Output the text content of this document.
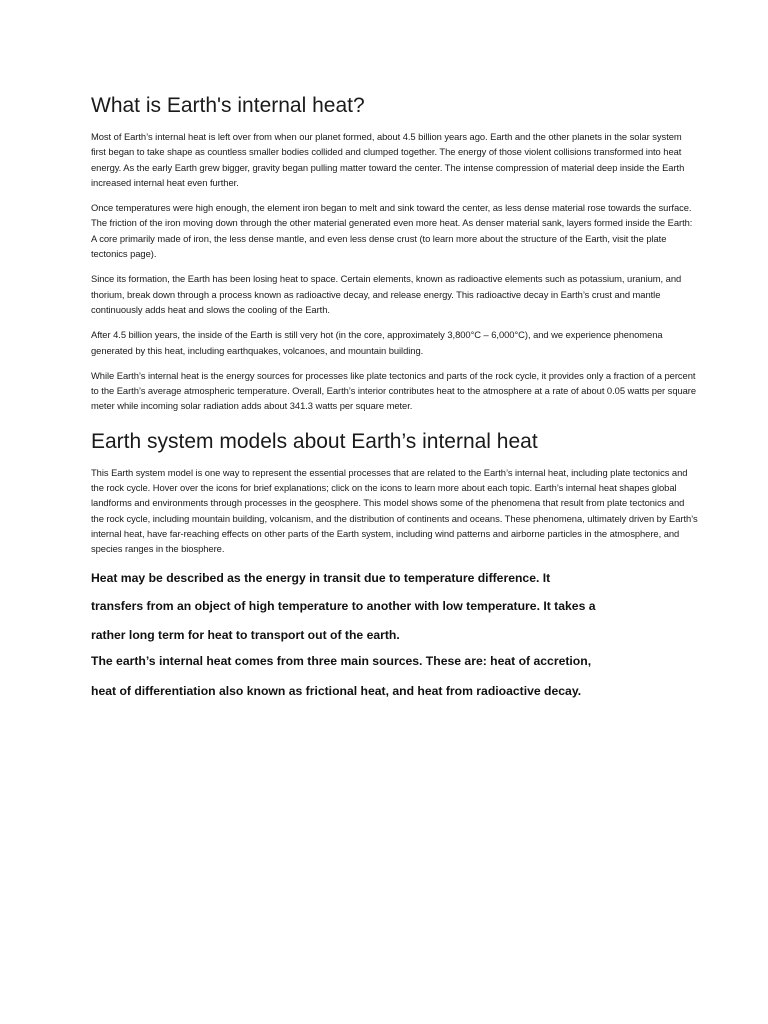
What is Earth's internal heat?

Most of Earth’s internal heat is left over from when our planet formed, about 4.5 billion years ago. Earth and the other planets in the solar system first began to take shape as countless smaller bodies collided and clumped together. The energy of those violent collisions transformed into heat energy. As the early Earth grew bigger, gravity began pulling matter toward the center. The intense compression of material deep inside the Earth increased internal heat even further.

Once temperatures were high enough, the element iron began to melt and sink toward the center, as less dense material rose towards the surface. The friction of the iron moving down through the other material generated even more heat. As denser material sank, layers formed inside the Earth: A core primarily made of iron, the less dense mantle, and even less dense crust (to learn more about the structure of the Earth, visit the plate tectonics page).

Since its formation, the Earth has been losing heat to space. Certain elements, known as radioactive elements such as potassium, uranium, and thorium, break down through a process known as radioactive decay, and release energy. This radioactive decay in Earth’s crust and mantle continuously adds heat and slows the cooling of the Earth.

After 4.5 billion years, the inside of the Earth is still very hot (in the core, approximately 3,800°C – 6,000°C), and we experience phenomena generated by this heat, including earthquakes, volcanoes, and mountain building.

While Earth’s internal heat is the energy sources for processes like plate tectonics and parts of the rock cycle, it provides only a fraction of a percent to the Earth’s average atmospheric temperature. Overall, Earth’s interior contributes heat to the atmosphere at a rate of about 0.05 watts per square meter while incoming solar radiation adds about 341.3 watts per square meter.

Earth system models about Earth’s internal heat

This Earth system model is one way to represent the essential processes that are related to the Earth’s internal heat, including plate tectonics and the rock cycle. Hover over the icons for brief explanations; click on the icons to learn more about each topic. Earth’s internal heat shapes global landforms and environments through processes in the geosphere. This model shows some of the phenomena that result from plate tectonics and the rock cycle, including mountain building, volcanism, and the distribution of continents and oceans. These phenomena, ultimately driven by Earth’s internal heat, have far-reaching effects on other parts of the Earth system, including wind patterns and airborne particles in the atmosphere, and species ranges in the biosphere.

Heat may be described as the energy in transit due to temperature difference. It

transfers from an object of high temperature to another with low temperature. It takes a

rather long term for heat to transport out of the earth.

The earth’s internal heat comes from three main sources. These are: heat of accretion,

heat of differentiation also known as frictional heat, and heat from radioactive decay.
